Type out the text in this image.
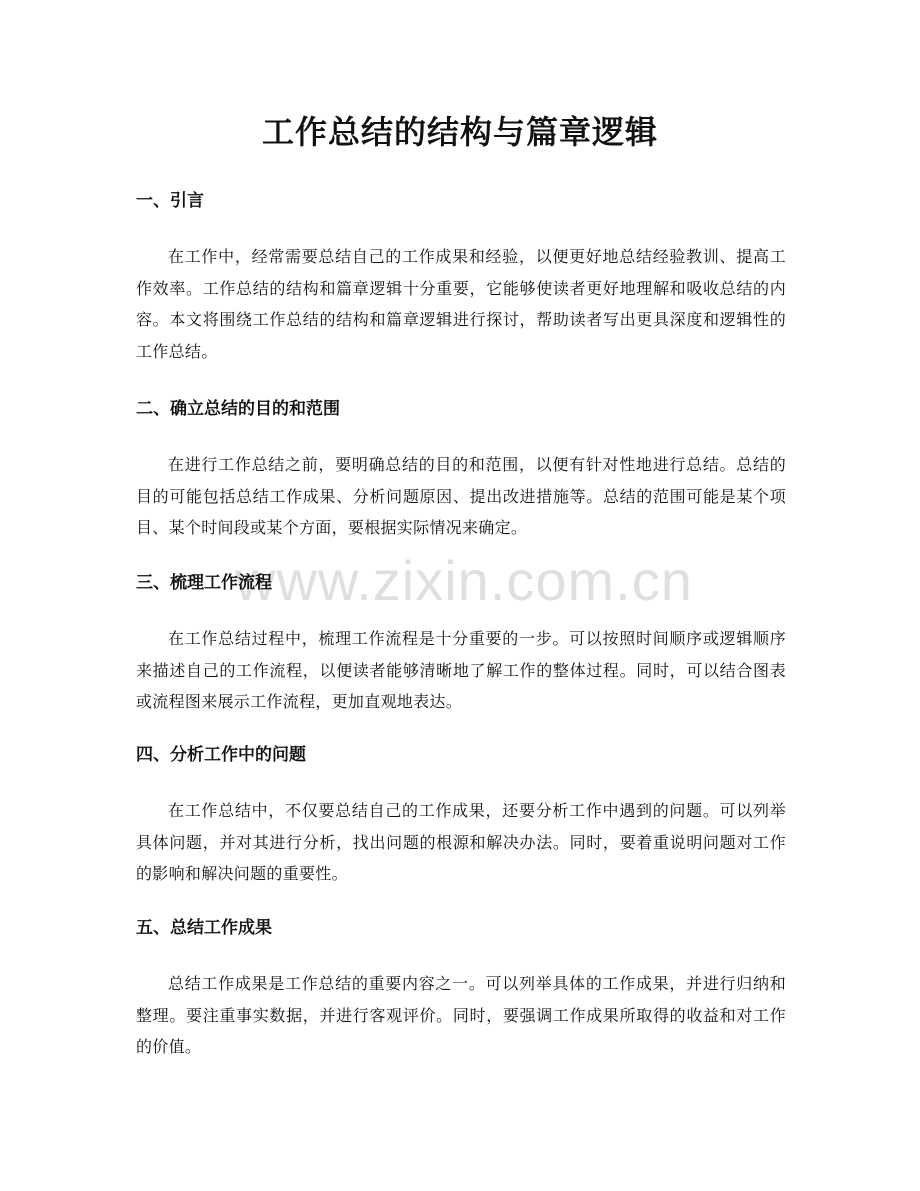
工作总结的结构与篇章逻辑
一、引言

在工作中，经常需要总结自己的工作成果和经验，以便更好地总结经验教训、提高工作效率。工作总结的结构和篇章逻辑十分重要，它能够使读者更好地理解和吸收总结的内容。本文将围绕工作总结的结构和篇章逻辑进行探讨，帮助读者写出更具深度和逻辑性的工作总结。

二、确立总结的目的和范围

在进行工作总结之前，要明确总结的目的和范围，以便有针对性地进行总结。总结的目的可能包括总结工作成果、分析问题原因、提出改进措施等。总结的范围可能是某个项目、某个时间段或某个方面，要根据实际情况来确定。

三、梳理工作流程

在工作总结过程中，梳理工作流程是十分重要的一步。可以按照时间顺序或逻辑顺序来描述自己的工作流程，以便读者能够清晰地了解工作的整体过程。同时，可以结合图表或流程图来展示工作流程，更加直观地表达。

四、分析工作中的问题

在工作总结中，不仅要总结自己的工作成果，还要分析工作中遇到的问题。可以列举具体问题，并对其进行分析，找出问题的根源和解决办法。同时，要着重说明问题对工作的影响和解决问题的重要性。

五、总结工作成果

总结工作成果是工作总结的重要内容之一。可以列举具体的工作成果，并进行归纳和整理。要注重事实数据，并进行客观评价。同时，要强调工作成果所取得的收益和对工作的价值。

www.zixin.com.cn
